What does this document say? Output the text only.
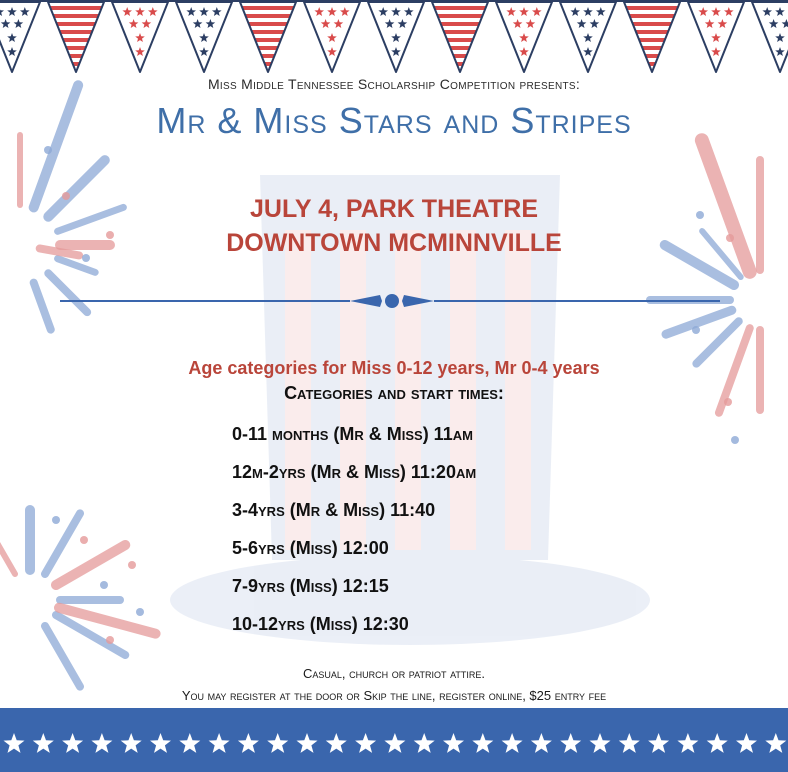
Miss Middle Tennessee Scholarship Competition presents:
Mr & Miss Stars and Stripes
JULY 4, PARK THEATRE
DOWNTOWN MCMINNVILLE
Age categories for Miss 0-12 years, Mr 0-4 years
Categories and start times:
0-11 months (Mr & Miss) 11am
12m-2yrs (Mr & Miss) 11:20am
3-4yrs (Mr & Miss) 11:40
5-6yrs (Miss) 12:00
7-9yrs (Miss) 12:15
10-12yrs (Miss) 12:30
Casual, church or patriot attire.
You may register at the door or Skip the line, register online, $25 entry fee
